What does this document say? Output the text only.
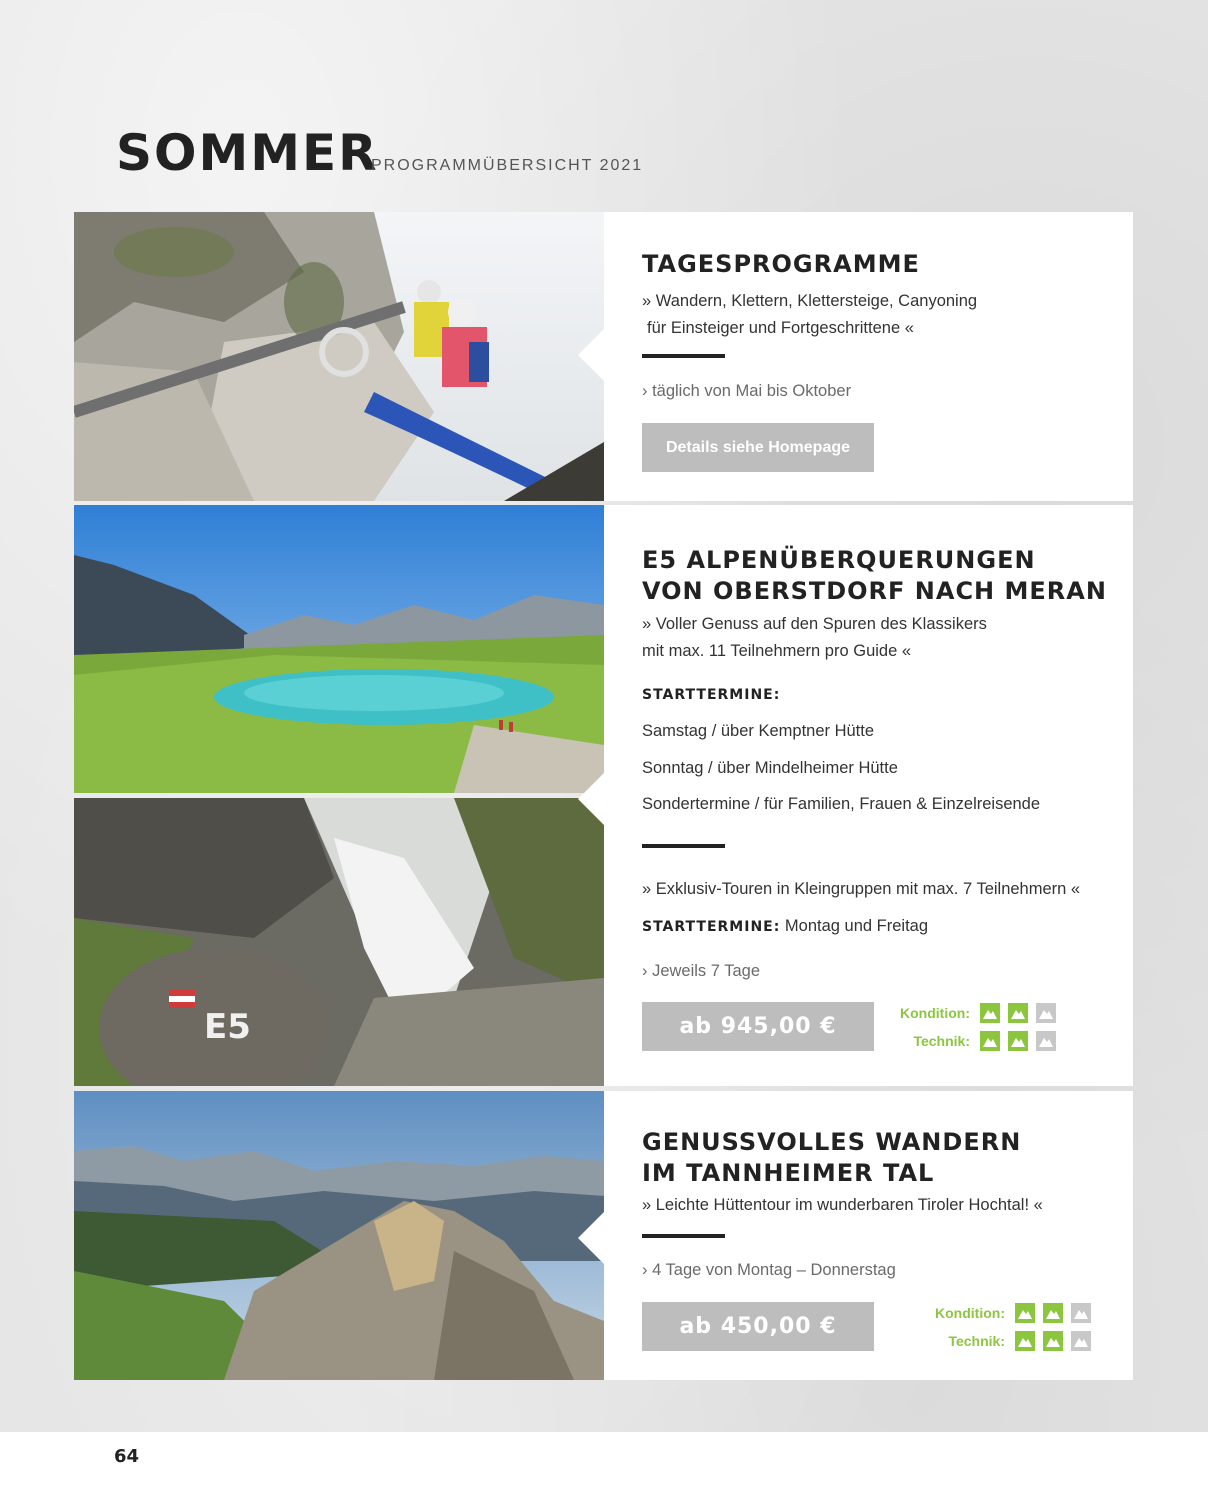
SOMMER
PROGRAMMÜBERSICHT 2021
TAGESPROGRAMME
» Wandern, Klettern, Klettersteige, Canyoning
für Einsteiger und Fortgeschrittene «
› täglich von Mai bis Oktober
Details siehe Homepage
E5
E5 ALPENÜBERQUERUNGEN
VON OBERSTDORF NACH MERAN
» Voller Genuss auf den Spuren des Klassikers
mit max. 11 Teilnehmern pro Guide «
STARTTERMINE:
Samstag / über Kemptner Hütte
Sonntag / über Mindelheimer Hütte
Sondertermine / für Familien, Frauen & Einzelreisende
» Exklusiv-Touren in Kleingruppen mit max. 7 Teilnehmern «
STARTTERMINE: Montag und Freitag
› Jeweils 7 Tage
ab 945,00 €
Kondition:
Technik:
GENUSSVOLLES WANDERN
IM TANNHEIMER TAL
» Leichte Hüttentour im wunderbaren Tiroler Hochtal! «
› 4 Tage von Montag – Donnerstag
ab 450,00 €
Kondition:
Technik:
64
